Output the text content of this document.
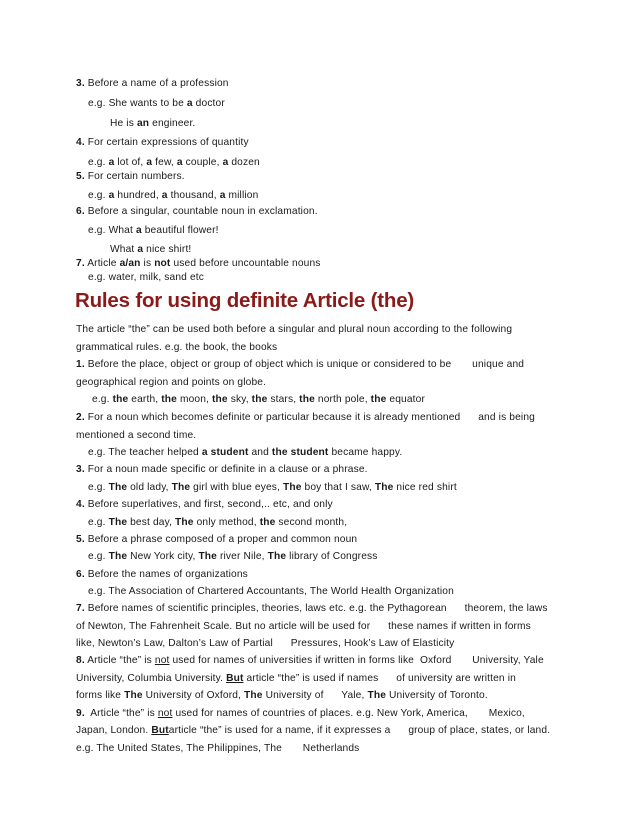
3. Before a name of a profession
e.g. She wants to be a doctor
He is an engineer.
4. For certain expressions of quantity
e.g. a lot of, a few, a couple, a dozen
5. For certain numbers.
e.g. a hundred, a thousand, a million
6. Before a singular, countable noun in exclamation.
e.g. What a beautiful flower!
What a nice shirt!
7. Article a/an is not used before uncountable nouns
e.g. water, milk, sand etc
Rules for using definite Article (the)
The article “the” can be used both before a singular and plural noun according to the following
grammatical rules. e.g. the book, the books
1. Before the place, object or group of object which is unique or considered to be       unique and
geographical region and points on globe.
e.g. the earth, the moon, the sky, the stars, the north pole, the equator
2. For a noun which becomes definite or particular because it is already mentioned      and is being
mentioned a second time.
e.g. The teacher helped a student and the student became happy.
3. For a noun made specific or definite in a clause or a phrase.
e.g. The old lady, The girl with blue eyes, The boy that I saw, The nice red shirt
4. Before superlatives, and first, second,.. etc, and only
e.g. The best day, The only method, the second month,
5. Before a phrase composed of a proper and common noun
e.g. The New York city, The river Nile, The library of Congress
6. Before the names of organizations
e.g. The Association of Chartered Accountants, The World Health Organization
7. Before names of scientific principles, theories, laws etc. e.g. the Pythagorean      theorem, the laws
of Newton, The Fahrenheit Scale. But no article will be used for      these names if written in forms
like, Newton’s Law, Dalton’s Law of Partial      Pressures, Hook’s Law of Elasticity
8. Article “the” is not used for names of universities if written in forms like  Oxford       University, Yale
University, Columbia University. But article “the” is used if names      of university are written in
forms like The University of Oxford, The University of      Yale, The University of Toronto.
9.  Article “the” is not used for names of countries of places. e.g. New York, America,       Mexico,
Japan, London. Butarticle “the” is used for a name, if it expresses a      group of place, states, or land.
e.g. The United States, The Philippines, The       Netherlands
